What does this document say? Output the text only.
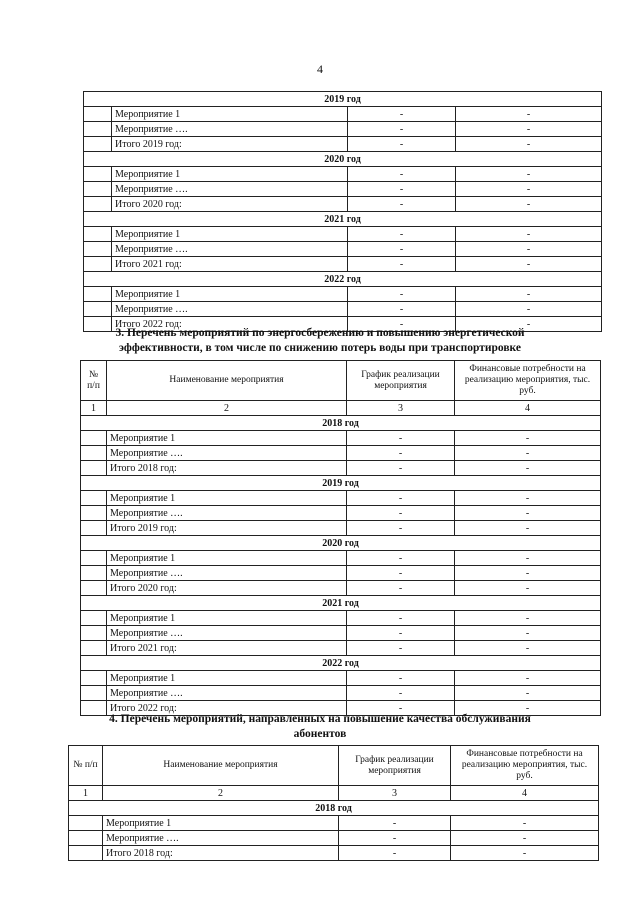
4
2019 год			
	Мероприятие 1	-	-
	Мероприятие ….	-	-
	Итого 2019 год:	-	-
2020 год			
	Мероприятие 1	-	-
	Мероприятие ….	-	-
	Итого 2020 год:	-	-
2021 год			
	Мероприятие 1	-	-
	Мероприятие ….	-	-
	Итого 2021 год:	-	-
2022 год			
	Мероприятие 1	-	-
	Мероприятие ….	-	-
	Итого 2022 год:	-	-
3. Перечень мероприятий по энергосбережению и повышению энергетической
эффективности, в том числе по снижению потерь воды при транспортировке
№ п/п	Наименование мероприятия	График реализации мероприятия	Финансовые потребности на реализацию мероприятия, тыс. руб.
1	2	3	4
2018 год			
	Мероприятие 1	-	-
	Мероприятие ….	-	-
	Итого 2018 год:	-	-
2019 год			
	Мероприятие 1	-	-
	Мероприятие ….	-	-
	Итого 2019 год:	-	-
2020 год			
	Мероприятие 1	-	-
	Мероприятие ….	-	-
	Итого 2020 год:	-	-
2021 год			
	Мероприятие 1	-	-
	Мероприятие ….	-	-
	Итого 2021 год:	-	-
2022 год			
	Мероприятие 1	-	-
	Мероприятие ….	-	-
	Итого 2022 год:	-	-
4. Перечень мероприятий, направленных на повышение качества обслуживания
абонентов
№ п/п	Наименование мероприятия	График реализации мероприятия	Финансовые потребности на реализацию мероприятия, тыс. руб.
1	2	3	4
2018 год			
	Мероприятие 1	-	-
	Мероприятие ….	-	-
	Итого 2018 год:	-	-
